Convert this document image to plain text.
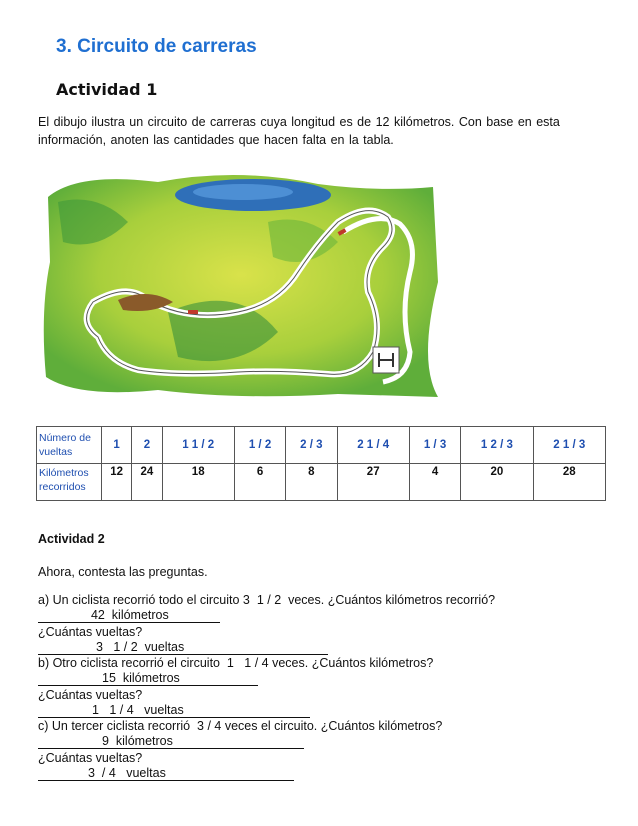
3. Circuito de carreras
Actividad 1
El dibujo ilustra un circuito de carreras cuya longitud es de 12 kilómetros. Con base en esta información, anoten las cantidades que hacen falta en la tabla.
Número de vueltas	1	2	1 1 / 2	1 / 2	2 / 3	2 1 / 4	1 / 3	1 2 / 3	2 1 / 3
Kilómetros recorridos	12	24	18	6	8	27	4	20	28
Actividad 2
Ahora, contesta las preguntas.
a) Un ciclista recorrió todo el circuito 3  1 / 2  veces. ¿Cuántos kilómetros recorrió?
42  kilómetros
¿Cuántas vueltas?
3   1 / 2  vueltas
b) Otro ciclista recorrió el circuito  1   1 / 4 veces. ¿Cuántos kilómetros?
15  kilómetros
¿Cuántas vueltas?
1   1 / 4   vueltas
c) Un tercer ciclista recorrió  3 / 4 veces el circuito. ¿Cuántos kilómetros?
9  kilómetros
¿Cuántas vueltas?
3  / 4   vueltas
